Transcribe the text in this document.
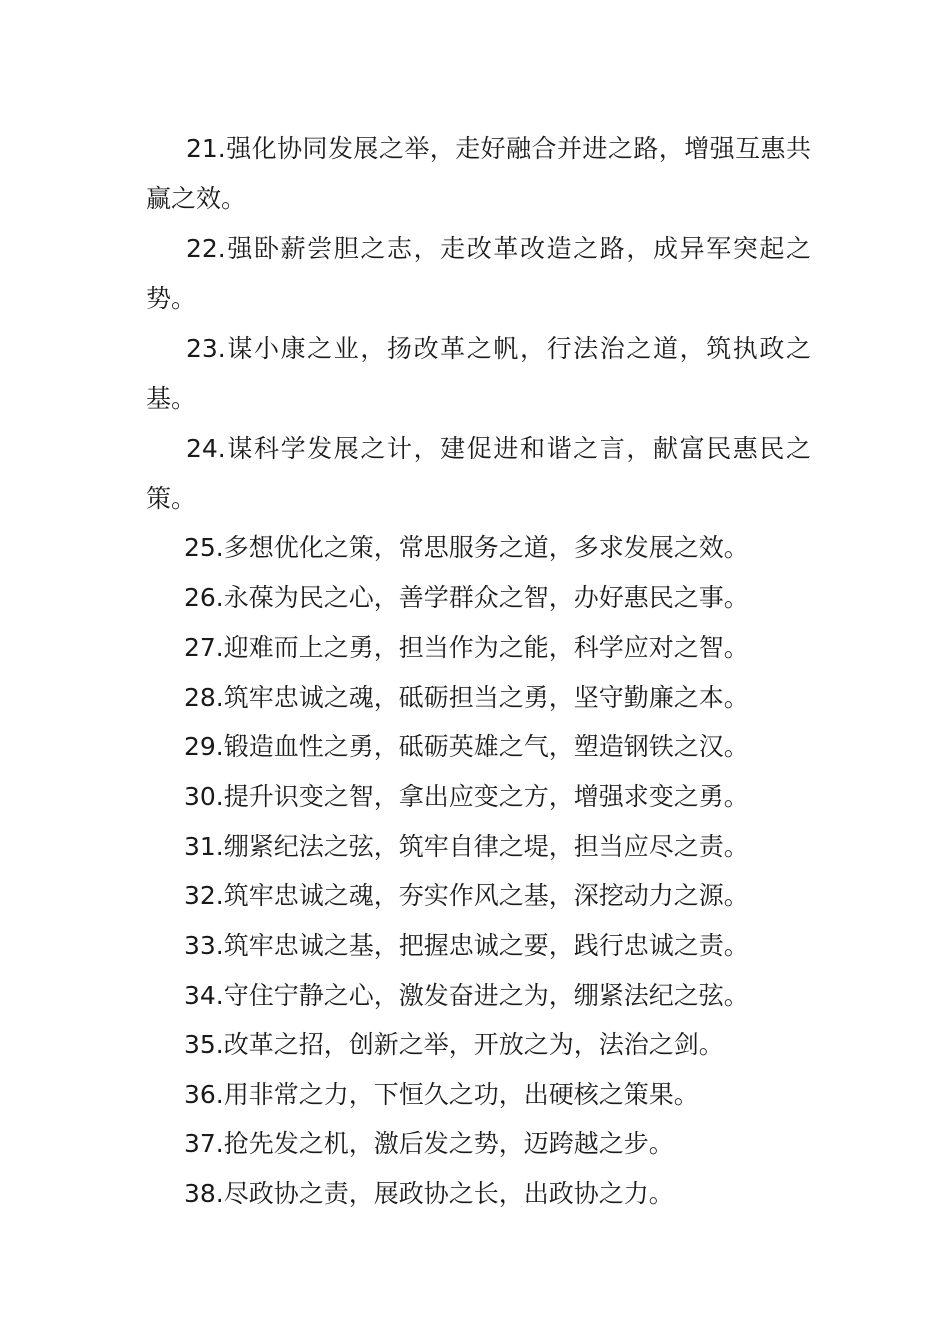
21.强化协同发展之举，走好融合并进之路，增强互惠共赢之效。

22.强卧薪尝胆之志，走改革改造之路，成异军突起之势。

23.谋小康之业，扬改革之帆，行法治之道，筑执政之基。

24.谋科学发展之计，建促进和谐之言，献富民惠民之策。

25.多想优化之策，常思服务之道，多求发展之效。

26.永葆为民之心，善学群众之智，办好惠民之事。

27.迎难而上之勇，担当作为之能，科学应对之智。

28.筑牢忠诚之魂，砥砺担当之勇，坚守勤廉之本。

29.锻造血性之勇，砥砺英雄之气，塑造钢铁之汉。

30.提升识变之智，拿出应变之方，增强求变之勇。

31.绷紧纪法之弦，筑牢自律之堤，担当应尽之责。

32.筑牢忠诚之魂，夯实作风之基，深挖动力之源。

33.筑牢忠诚之基，把握忠诚之要，践行忠诚之责。

34.守住宁静之心，激发奋进之为，绷紧法纪之弦。

35.改革之招，创新之举，开放之为，法治之剑。

36.用非常之力，下恒久之功，出硬核之策果。

37.抢先发之机，激后发之势，迈跨越之步。

38.尽政协之责，展政协之长，出政协之力。
